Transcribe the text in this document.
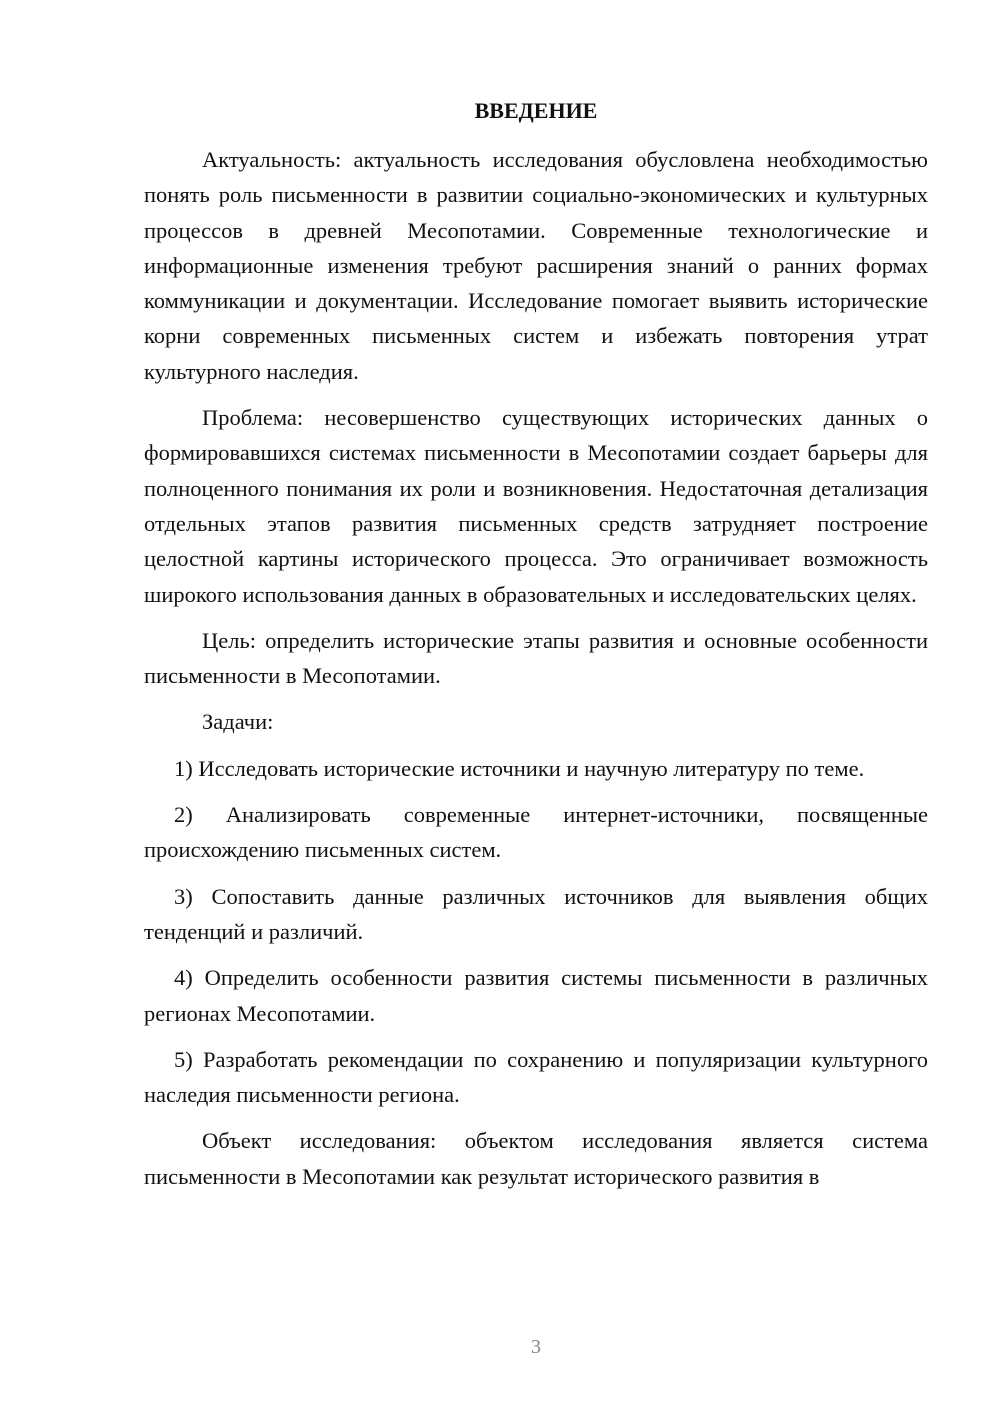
ВВЕДЕНИЕ

Актуальность: актуальность исследования обусловлена необходимостью понять роль письменности в развитии социально-экономических и культурных процессов в древней Месопотамии. Современные технологические и информационные изменения требуют расширения знаний о ранних формах коммуникации и документации. Исследование помогает выявить исторические корни современных письменных систем и избежать повторения утрат культурного наследия.

Проблема: несовершенство существующих исторических данных о формировавшихся системах письменности в Месопотамии создает барьеры для полноценного понимания их роли и возникновения. Недостаточная детализация отдельных этапов развития письменных средств затрудняет построение целостной картины исторического процесса. Это ограничивает возможность широкого использования данных в образовательных и исследовательских целях.

Цель: определить исторические этапы развития и основные особенности письменности в Месопотамии.

Задачи:

1) Исследовать исторические источники и научную литературу по теме.

2) Анализировать современные интернет-источники, посвященные происхождению письменных систем.

3) Сопоставить данные различных источников для выявления общих тенденций и различий.

4) Определить особенности развития системы письменности в различных регионах Месопотамии.

5) Разработать рекомендации по сохранению и популяризации культурного наследия письменности региона.

Объект исследования: объектом исследования является система письменности в Месопотамии как результат исторического развития в

3
